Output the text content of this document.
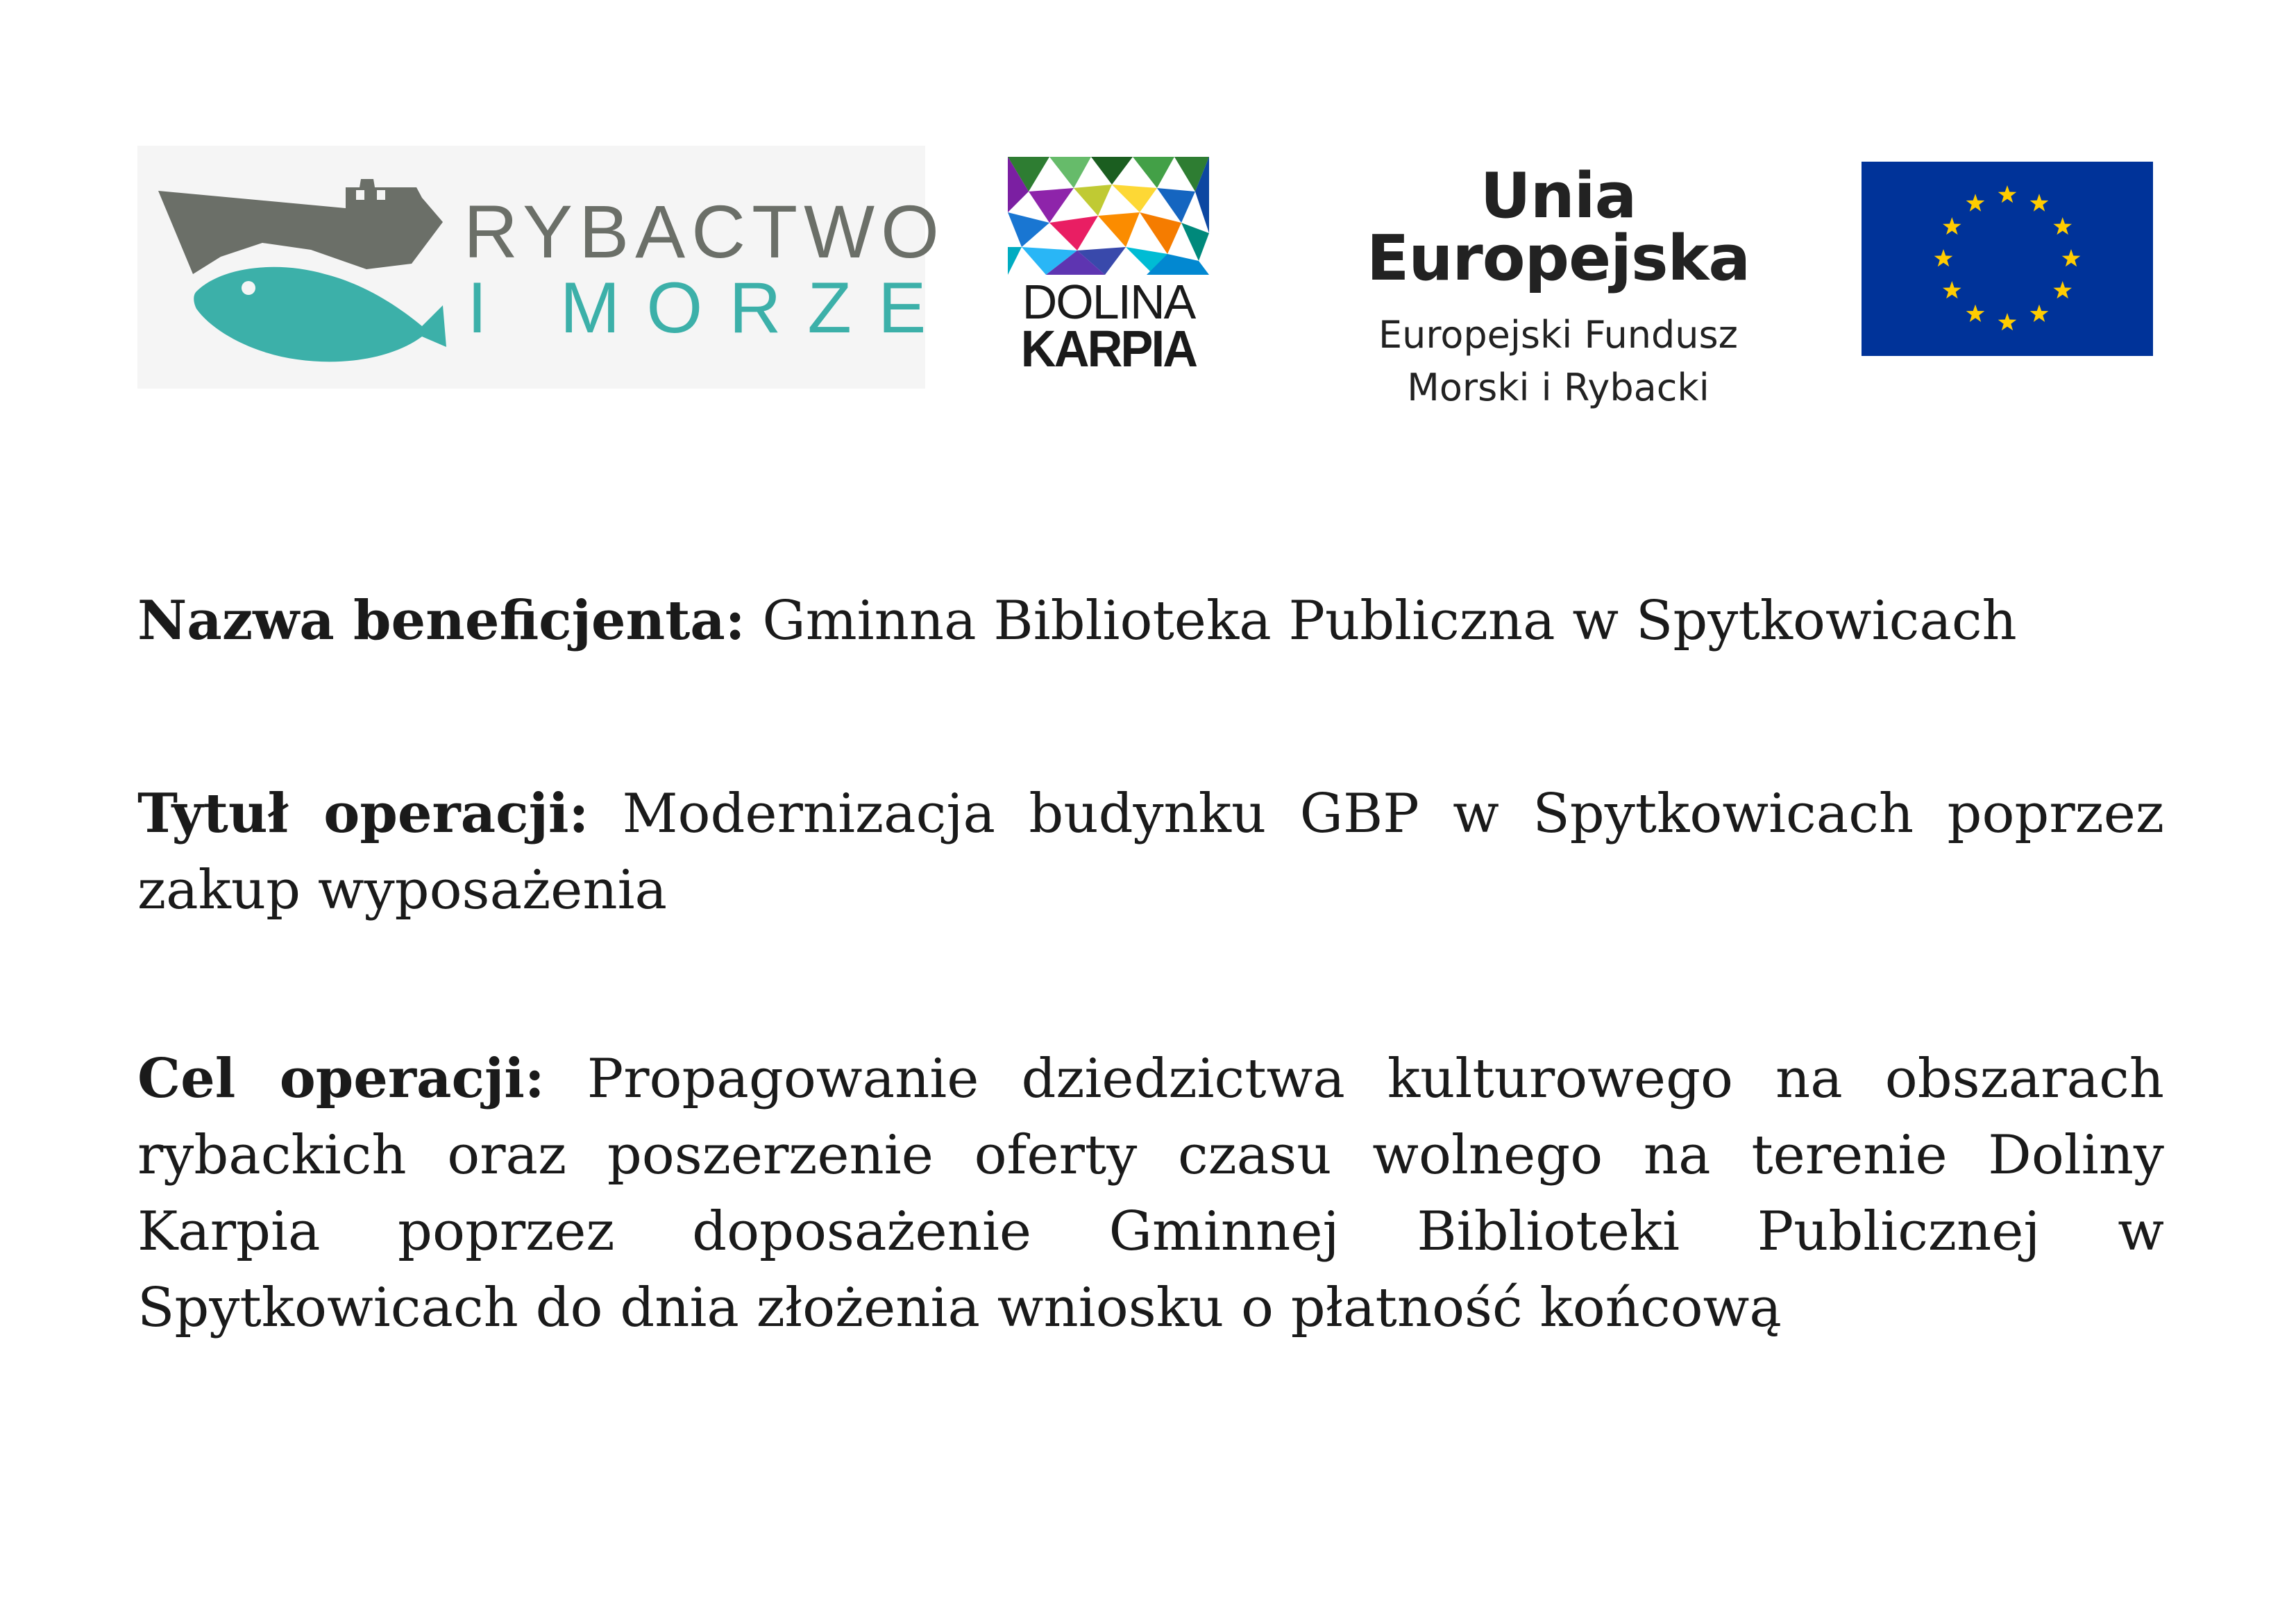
RYBACTWO
I MORZE	DOLINA
KARPIA
Unia Europejska
Europejski Fundusz
Morski i Rybacki

Nazwa beneficjenta: Gminna Biblioteka Publiczna w Spytkowicach

Tytuł operacji: Modernizacja budynku GBP w Spytkowicach poprzez zakup wyposażenia

Cel operacji: Propagowanie dziedzictwa kulturowego na obszarach rybackich oraz poszerzenie oferty czasu wolnego na terenie Doliny Karpia poprzez doposażenie Gminnej Biblioteki Publicznej w Spytkowicach do dnia złożenia wniosku o płatność końcową
